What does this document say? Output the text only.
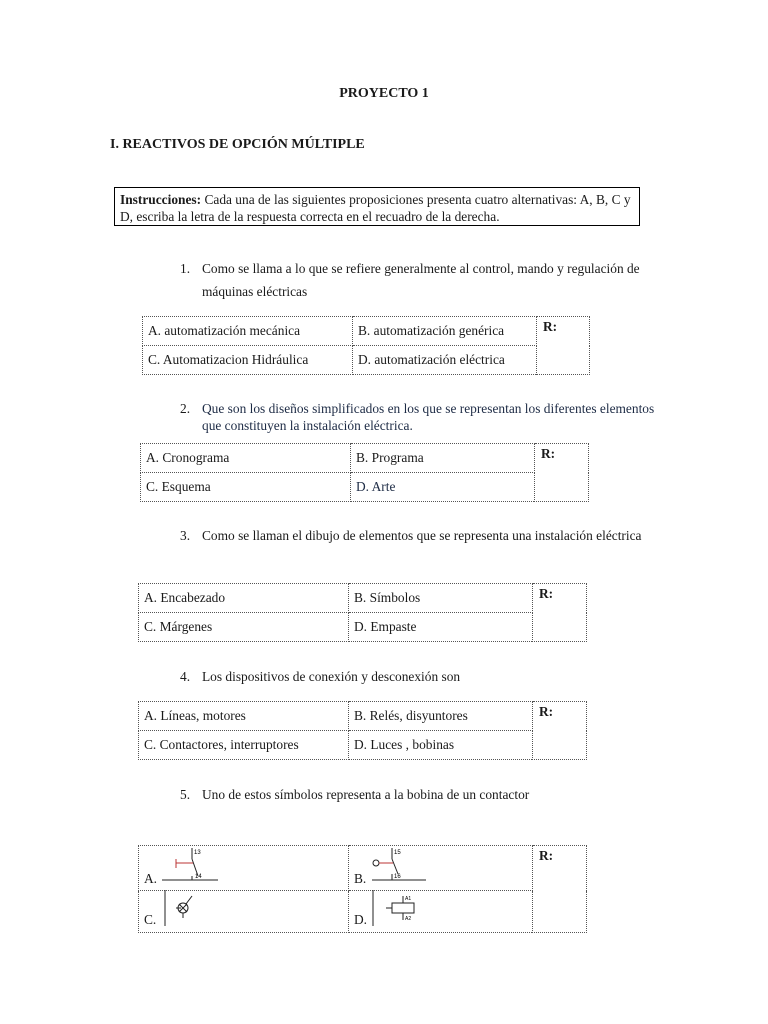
PROYECTO 1
I. REACTIVOS DE OPCIÓN MÚLTIPLE
Instrucciones: Cada una de las siguientes proposiciones presenta cuatro alternativas: A, B, C y D, escriba la letra de la respuesta correcta en el recuadro de la derecha.
1. Como se llama a lo que se refiere generalmente al control, mando y regulación de máquinas eléctricas
A. automatización mecánica	B. automatización genérica	R:
C. Automatizacion Hidráulica	D. automatización eléctrica	
2. Que son los diseños simplificados en los que se representan los diferentes elementos que constituyen la instalación eléctrica.
A. Cronograma	B. Programa	R:
C. Esquema	D. Arte	
3. Como se llaman el dibujo de elementos que se representa una instalación eléctrica
A. Encabezado	B. Símbolos	R:
C. Márgenes	D. Empaste	
4. Los dispositivos de conexión y desconexión son
A. Líneas, motores	B. Relés, disyuntores	R:
C. Contactores, interruptores	D. Luces , bobinas	
5. Uno de estos símbolos representa a la bobina de un contactor
A.	B.	R:
C.	D.	
13
14
15
16
A1
A2
